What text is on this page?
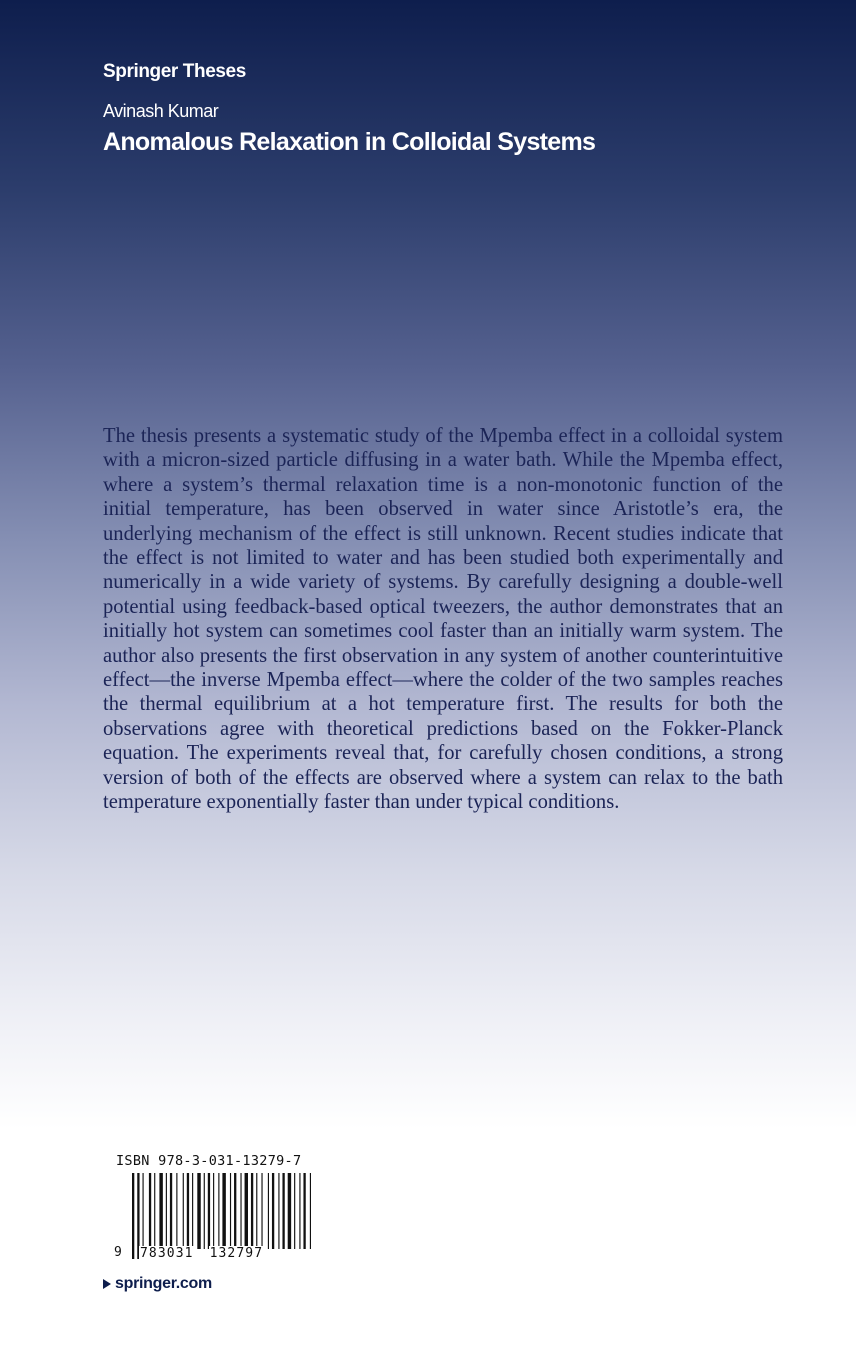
Springer Theses
Avinash Kumar
Anomalous Relaxation in Colloidal Systems

The thesis presents a systematic study of the Mpemba effect in a colloidal system with a micron-sized particle diffusing in a water bath. While the Mpemba effect, where a system’s thermal relaxation time is a non-monotonic function of the initial temperature, has been observed in water since Aristotle’s era, the underlying mechanism of the effect is still unknown. Recent studies indicate that the effect is not limited to water and has been studied both experimentally and numerically in a wide variety of systems. By carefully designing a double-well potential using feedback-based optical tweezers, the author demonstrates that an initially hot system can sometimes cool faster than an initially warm system. The author also presents the first observation in any system of another counterintuitive effect—the inverse Mpemba effect—where the colder of the two samples reaches the thermal equilibrium at a hot temperature first. The results for both the observations agree with theoretical predictions based on the Fokker-Planck equation. The experiments reveal that, for carefully chosen conditions, a strong version of both of the effects are observed where a system can relax to the bath temperature exponentially faster than under typical conditions.

ISBN 978-3-031-13279-7
9	783031 132797
springer.com
